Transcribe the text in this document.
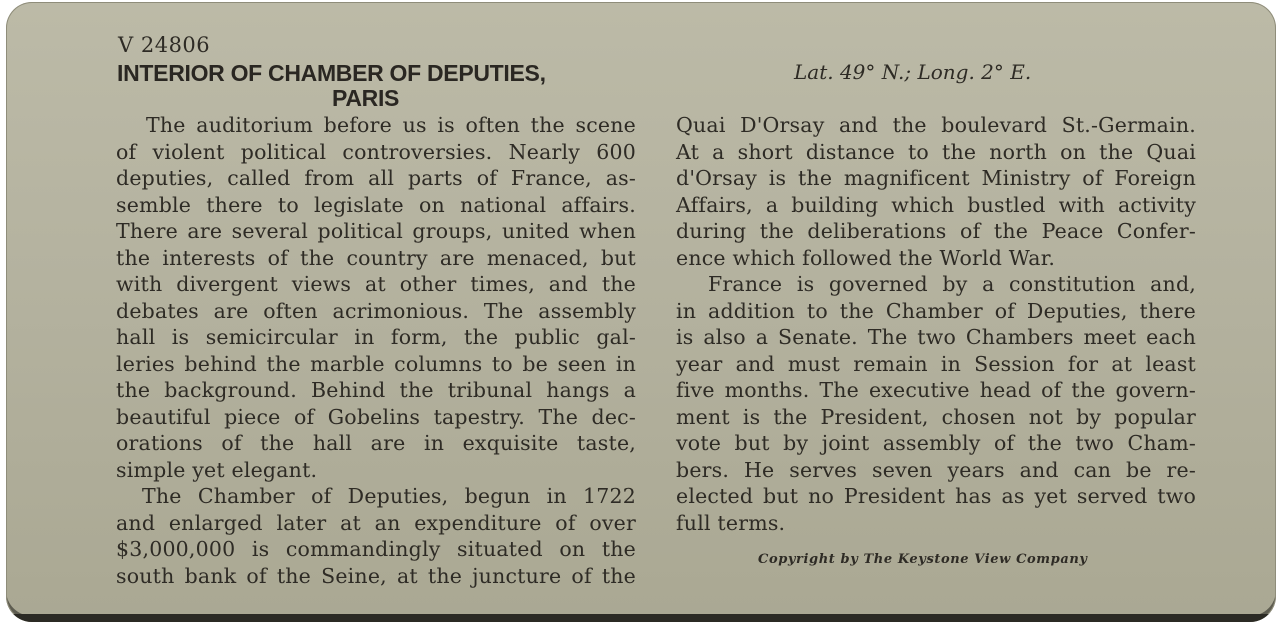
V 24806
INTERIOR OF CHAMBER OF DEPUTIES,
PARIS
Lat. 49° N.; Long. 2° E.
The auditorium before us is often the scene
of violent political controversies. Nearly 600
deputies, called from all parts of France, as-
semble there to legislate on national affairs.
There are several political groups, united when
the interests of the country are menaced, but
with divergent views at other times, and the
debates are often acrimonious. The assembly
hall is semicircular in form, the public gal-
leries behind the marble columns to be seen in
the background. Behind the tribunal hangs a
beautiful piece of Gobelins tapestry. The dec-
orations of the hall are in exquisite taste,
simple yet elegant.
The Chamber of Deputies, begun in 1722
and enlarged later at an expenditure of over
$3,000,000 is commandingly situated on the
south bank of the Seine, at the juncture of the
Quai D'Orsay and the boulevard St.-Germain.
At a short distance to the north on the Quai
d'Orsay is the magnificent Ministry of Foreign
Affairs, a building which bustled with activity
during the deliberations of the Peace Confer-
ence which followed the World War.
France is governed by a constitution and,
in addition to the Chamber of Deputies, there
is also a Senate. The two Chambers meet each
year and must remain in Session for at least
five months. The executive head of the govern-
ment is the President, chosen not by popular
vote but by joint assembly of the two Cham-
bers. He serves seven years and can be re-
elected but no President has as yet served two
full terms.
Copyright by The Keystone View Company
